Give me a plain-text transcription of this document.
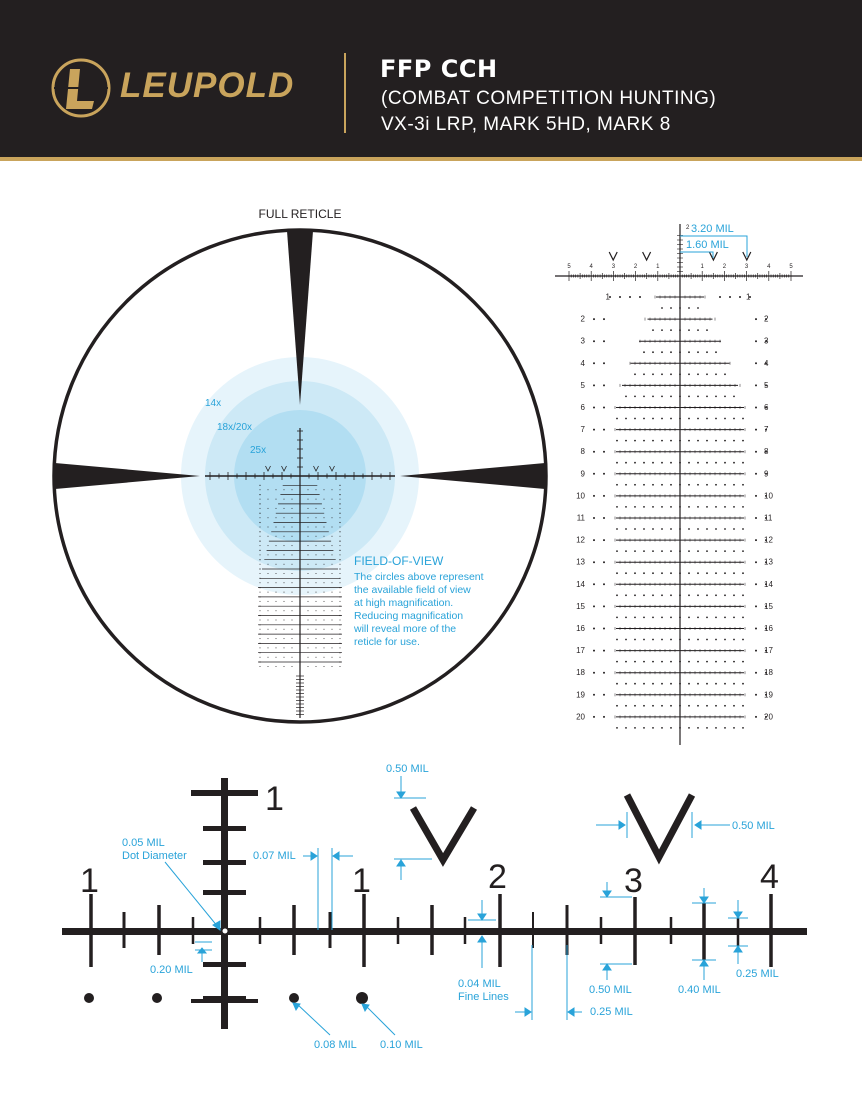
LEUPOLD	FFP CCH
(COMBAT COMPETITION HUNTING)
VX-3i LRP, MARK 5HD, MARK 8
FULL RETICLE
14x
18x/20x
25x
FIELD-OF-VIEW
The circles above represent
the available field of view
at high magnification.
Reducing magnification
will reveal more of the
reticle for use.
5	4	3	2	1	1	2	3	4	5
1	1
2	2
3	3
4	4
5	5
6	6
7	7
8	8
9	9
10	10
11	11
12	12
13	13
14	14
15	15
16	16
17	17
18	18
19	19
20	20
2 3.20 MIL
1.60 MIL
1
1	1	2	3	4
0.50 MIL
0.50 MIL
0.05 MIL
Dot Diameter	0.07 MIL
0.20 MIL
0.04 MIL
Fine Lines
0.25 MIL
0.50 MIL	0.40 MIL
0.25 MIL
0.08 MIL 0.10 MIL
